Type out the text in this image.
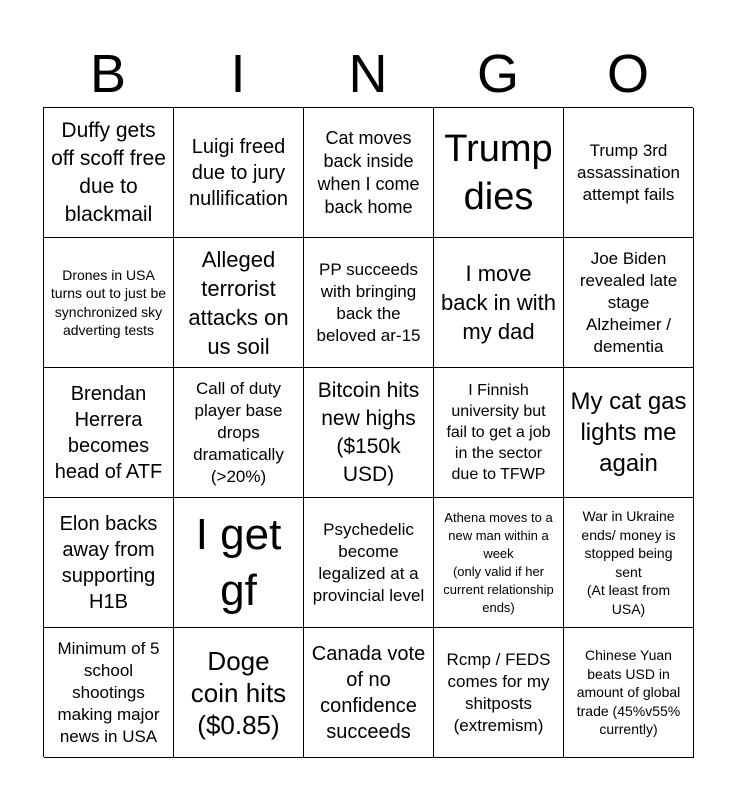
B	I	N	G	O
Duffy gets off scoff free due to blackmail
Luigi freed due to jury nullification
Cat moves back inside when I come back home
Trump dies
Trump 3rd assassination attempt fails
Drones in USA turns out to just be synchronized sky adverting tests
Alleged terrorist attacks on us soil
PP succeeds with bringing back the beloved ar-15
I move back in with my dad
Joe Biden revealed late stage Alzheimer / dementia
Brendan Herrera becomes head of ATF
Call of duty player base drops dramatically (>20%)
Bitcoin hits new highs ($150k USD)
I Finnish university but fail to get a job in the sector due to TFWP
My cat gas lights me again
Elon backs away from supporting H1B
I get gf
Psychedelic become legalized at a provincial level
Athena moves to a new man within a week
(only valid if her current relationship ends)
War in Ukraine ends/ money is stopped being sent
(At least from USA)
Minimum of 5 school shootings making major news in USA
Doge coin hits ($0.85)
Canada vote of no confidence succeeds
Rcmp / FEDS comes for my shitposts (extremism)
Chinese Yuan beats USD in amount of global trade (45%v55% currently)
